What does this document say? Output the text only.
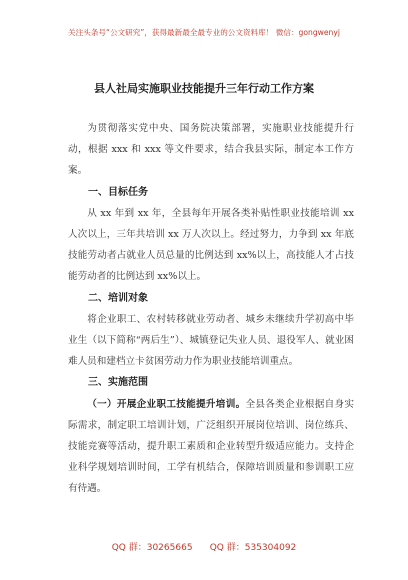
关注头条号“公文研究”，获得最新最全最专业的公文资料库！ 微信：gongwenyj
县人社局实施职业技能提升三年行动工作方案

为贯彻落实党中央、国务院决策部署，实施职业技能提升行动，根据 xxx 和 xxx 等文件要求，结合我县实际，制定本工作方案。

一、目标任务

从 xx 年到 xx 年，全县每年开展各类补贴性职业技能培训 xx 人次以上，三年共培训 xx 万人次以上。经过努力，力争到 xx 年底技能劳动者占就业人员总量的比例达到 xx%以上，高技能人才占技能劳动者的比例达到 xx%以上。

二、培训对象

将企业职工、农村转移就业劳动者、城乡未继续升学初高中毕业生（以下简称“两后生”）、城镇登记失业人员、退役军人、就业困难人员和建档立卡贫困劳动力作为职业技能培训重点。

三、实施范围

（一）开展企业职工技能提升培训。全县各类企业根据自身实际需求，制定职工培训计划，广泛组织开展岗位培训、岗位练兵、技能竞赛等活动，提升职工素质和企业转型升级适应能力。支持企业科学规划培训时间，工学有机结合，保障培训质量和参训职工应有待遇。

QQ 群：30265665      QQ 群：535304092
